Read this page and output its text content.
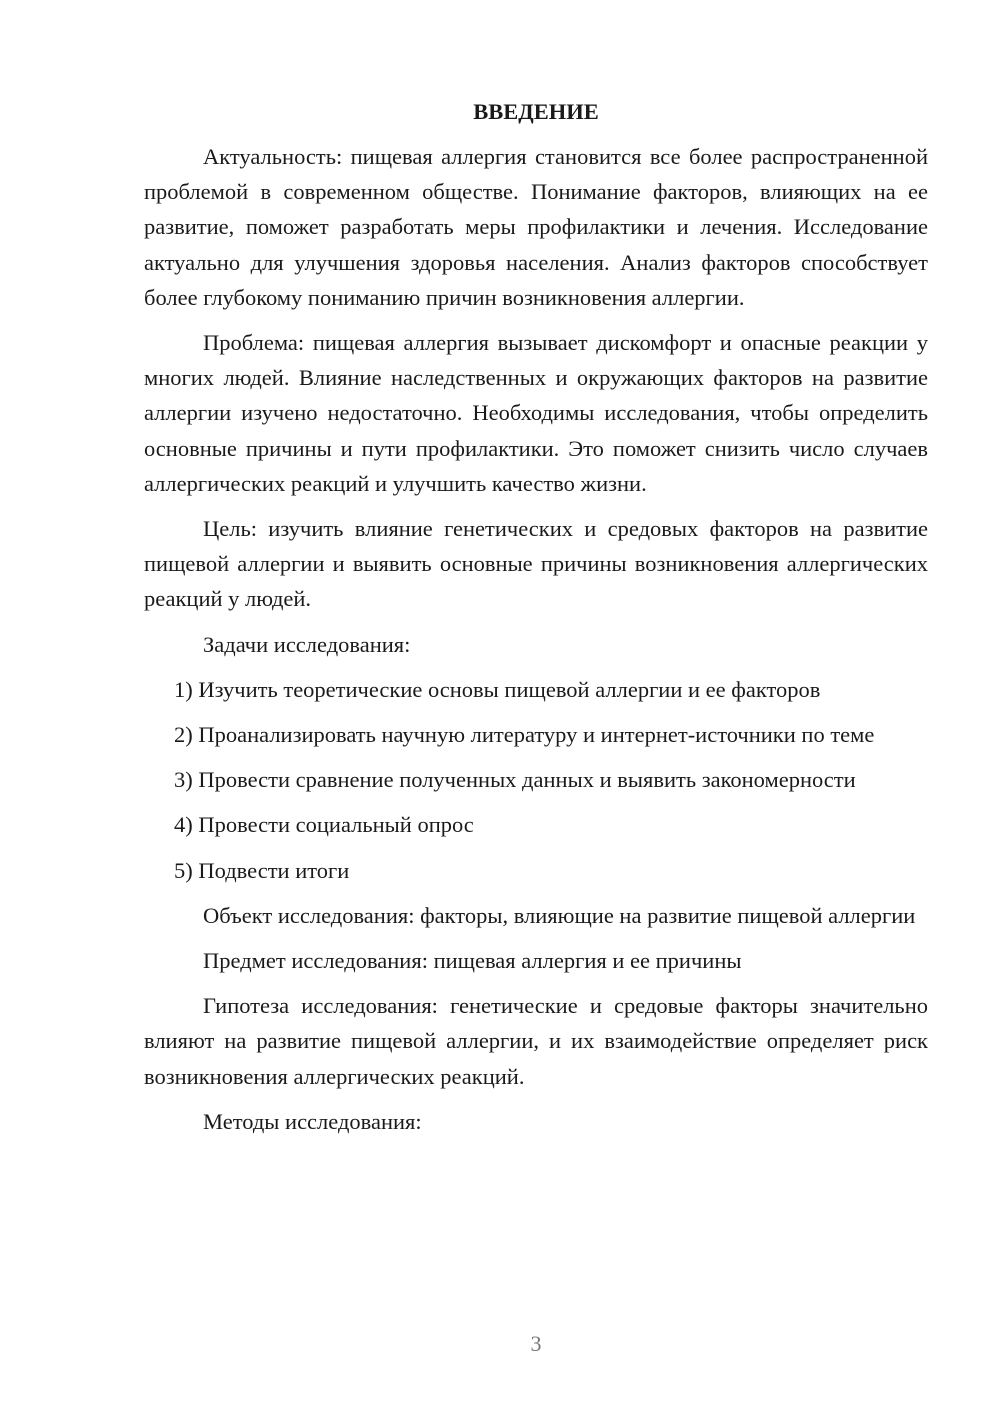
ВВЕДЕНИЕ

Актуальность: пищевая аллергия становится все более распространенной проблемой в современном обществе. Понимание факторов, влияющих на ее развитие, поможет разработать меры профилактики и лечения. Исследование актуально для улучшения здоровья населения. Анализ факторов способствует более глубокому пониманию причин возникновения аллергии.

Проблема: пищевая аллергия вызывает дискомфорт и опасные реакции у многих людей. Влияние наследственных и окружающих факторов на развитие аллергии изучено недостаточно. Необходимы исследования, чтобы определить основные причины и пути профилактики. Это поможет снизить число случаев аллергических реакций и улучшить качество жизни.

Цель: изучить влияние генетических и средовых факторов на развитие пищевой аллергии и выявить основные причины возникновения аллергических реакций у людей.

Задачи исследования:

1) Изучить теоретические основы пищевой аллергии и ее факторов

2) Проанализировать научную литературу и интернет-источники по теме

3) Провести сравнение полученных данных и выявить закономерности

4) Провести социальный опрос

5) Подвести итоги

Объект исследования: факторы, влияющие на развитие пищевой аллергии

Предмет исследования: пищевая аллергия и ее причины

Гипотеза исследования: генетические и средовые факторы значительно влияют на развитие пищевой аллергии, и их взаимодействие определяет риск возникновения аллергических реакций.

Методы исследования:

3
